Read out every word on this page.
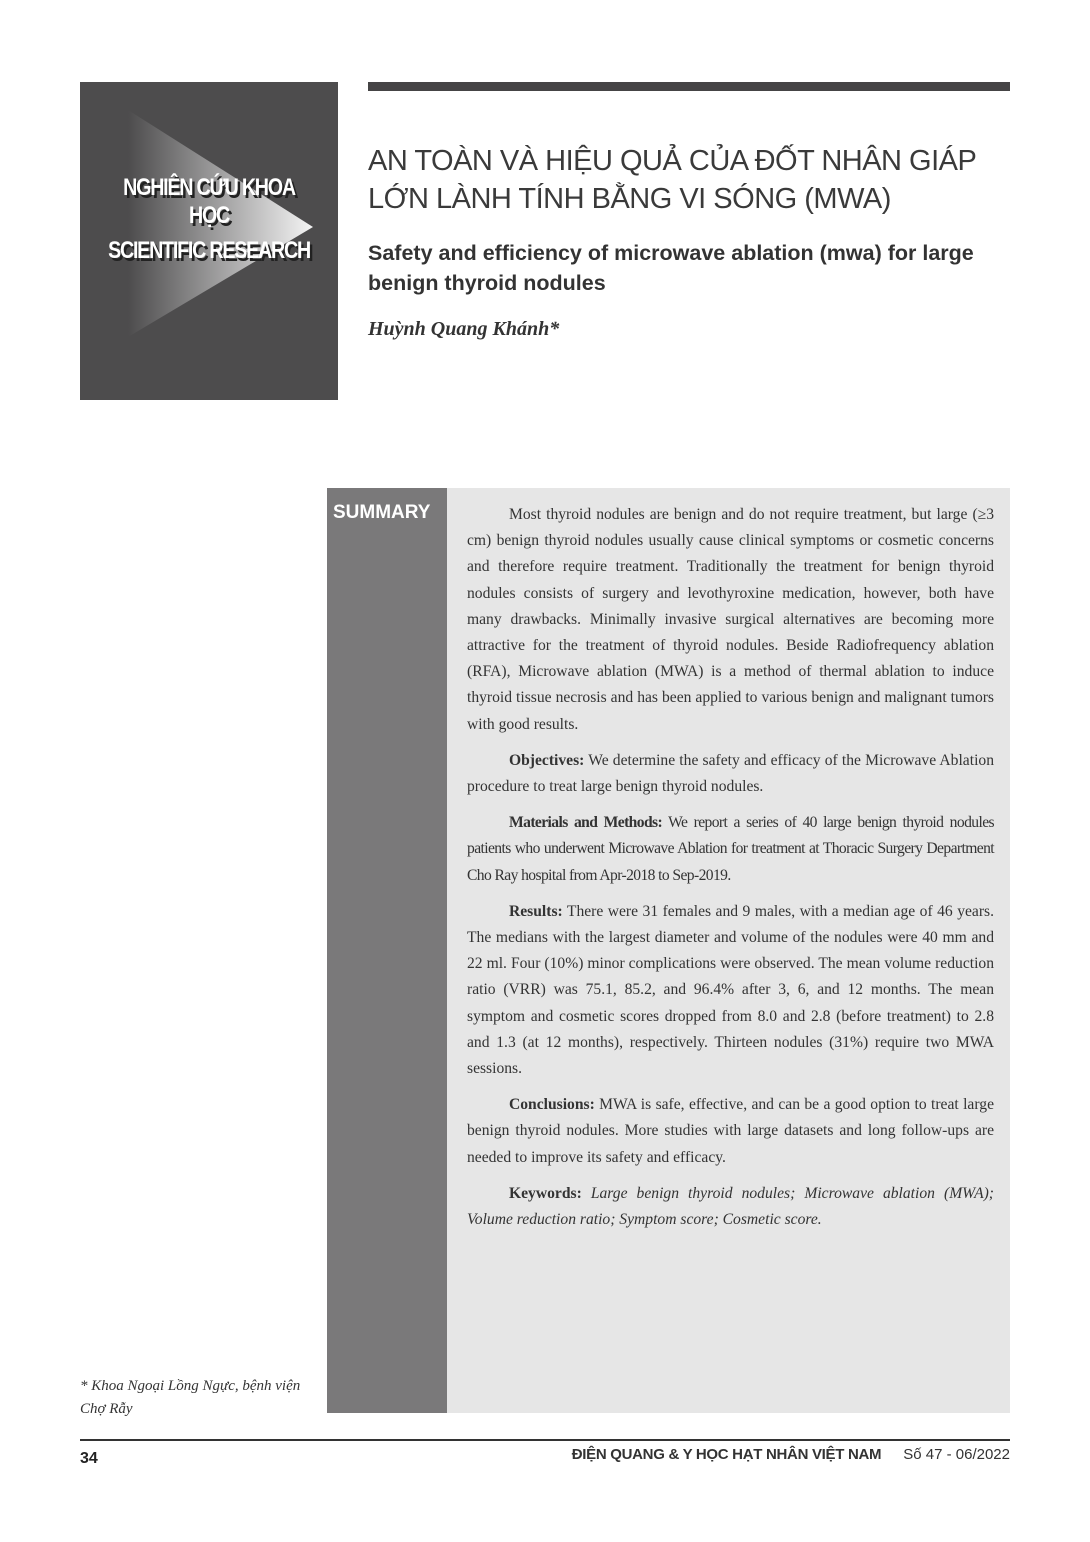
NGHIÊN CỨU KHOA HỌC
SCIENTIFIC RESEARCH
AN TOÀN VÀ HIỆU QUẢ CỦA ĐỐT NHÂN GIÁP LỚN LÀNH TÍNH BẰNG VI SÓNG (MWA)
Safety and efficiency of microwave ablation (mwa) for large benign thyroid nodules
Huỳnh Quang Khánh*
SUMMARY	Most thyroid nodules are benign and do not require treatment, but large (≥3 cm) benign thyroid nodules usually cause clinical symptoms or cosmetic concerns and therefore require treatment. Traditionally the treatment for benign thyroid nodules consists of surgery and levothyroxine medication, however, both have many drawbacks. Minimally invasive surgical alternatives are becoming more attractive for the treatment of thyroid nodules. Beside Radiofrequency ablation (RFA), Microwave ablation (MWA) is a method of thermal ablation to induce thyroid tissue necrosis and has been applied to various benign and malignant tumors with good results.

Objectives: We determine the safety and efficacy of the Microwave Ablation procedure to treat large benign thyroid nodules.

Materials and Methods: We report a series of 40 large benign thyroid nodules patients who underwent Microwave Ablation for treatment at Thoracic Surgery Department Cho Ray hospital from Apr-2018 to Sep-2019.

Results: There were 31 females and 9 males, with a median age of 46 years. The medians with the largest diameter and volume of the nodules were 40 mm and 22 ml. Four (10%) minor complications were observed. The mean volume reduction ratio (VRR) was 75.1, 85.2, and 96.4% after 3, 6, and 12 months. The mean symptom and cosmetic scores dropped from 8.0 and 2.8 (before treatment) to 2.8 and 1.3 (at 12 months), respectively. Thirteen nodules (31%) require two MWA sessions.

Conclusions: MWA is safe, effective, and can be a good option to treat large benign thyroid nodules. More studies with large datasets and long follow-ups are needed to improve its safety and efficacy.

Keywords: Large benign thyroid nodules; Microwave ablation (MWA); Volume reduction ratio; Symptom score; Cosmetic score.

* Khoa Ngoại Lồng Ngực, bệnh viện Chợ Rẫy
34	ĐIỆN QUANG & Y HỌC HẠT NHÂN VIỆT NAM Số 47 - 06/2022
